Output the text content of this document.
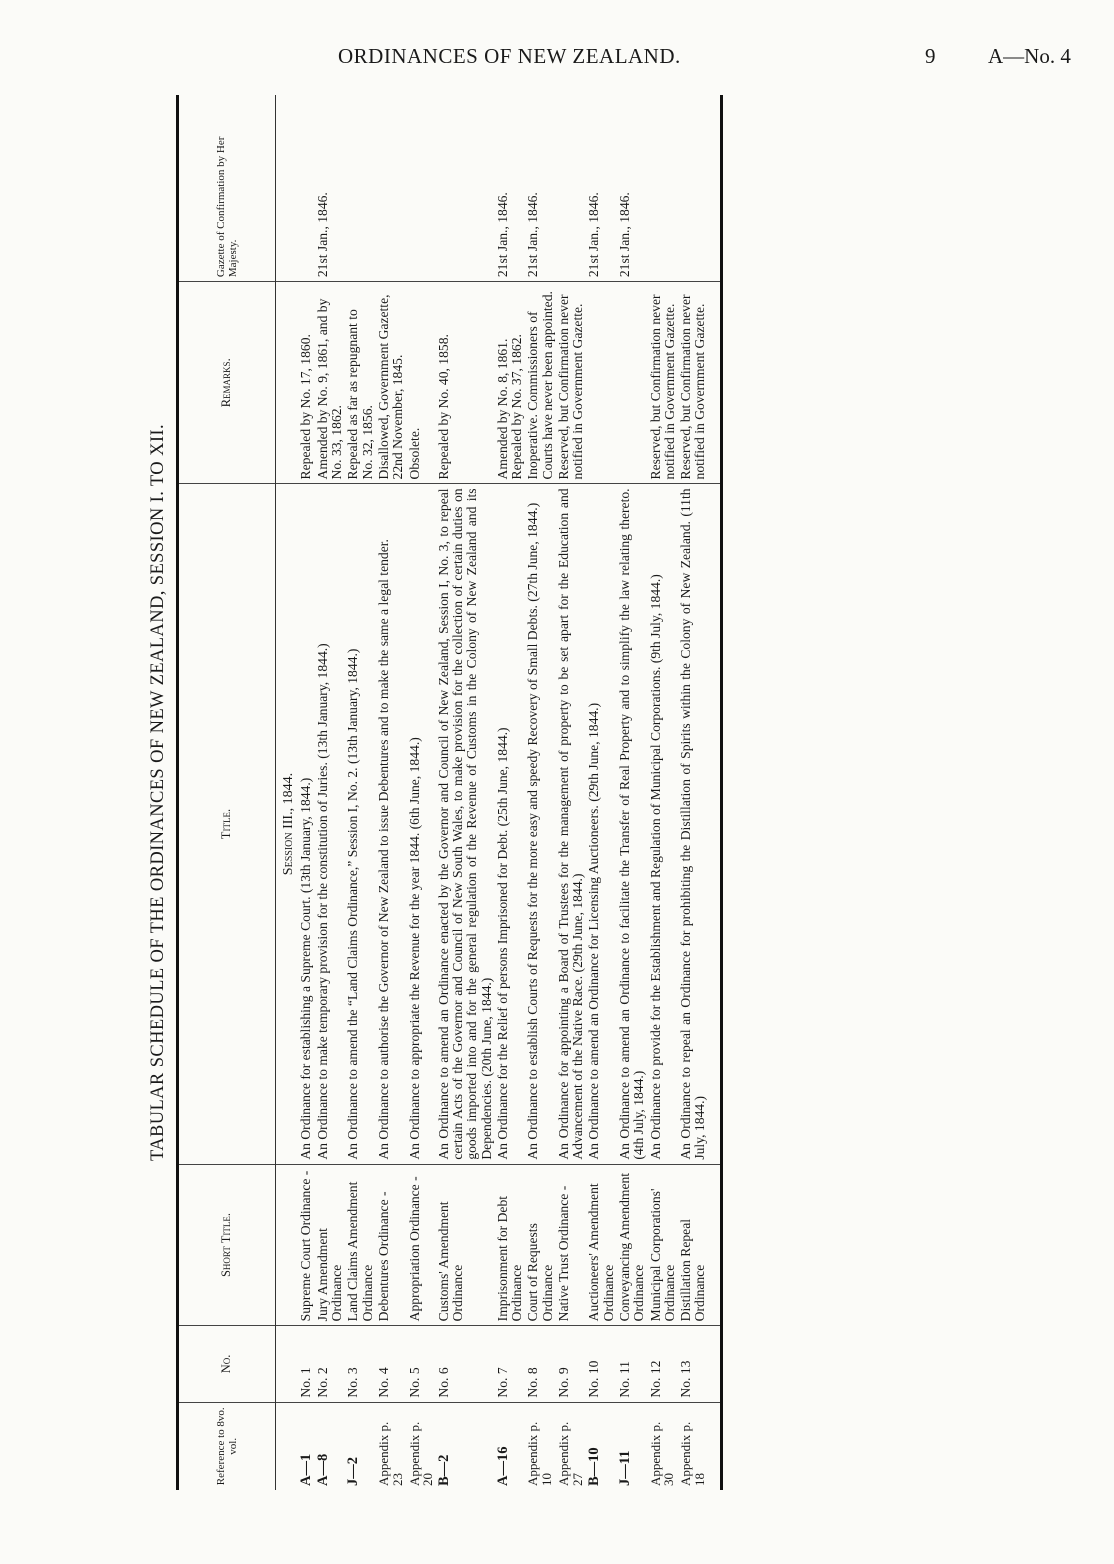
ORDINANCES OF NEW ZEALAND.	9	A—No. 4
TABULAR SCHEDULE OF THE ORDINANCES OF NEW ZEALAND, SESSION I. TO XII.
Reference to 8vo. vol.	No.	Short Title.	Title.	Remarks.	Gazette of Confirmation by Her Majesty.
			Session III., 1844.		
A—1	No. 1	Supreme Court Ordinance -	An Ordinance for establishing a Supreme Court. (13th January, 1844.)	Repealed by No. 17, 1860.	
A—8	No. 2	Jury Amendment Ordinance	An Ordinance to make temporary provision for the constitution of Juries. (13th January, 1844.)	Amended by No. 9, 1861, and by No. 33, 1862.	21st Jan., 1846.
J—2	No. 3	Land Claims Amendment Ordinance	An Ordinance to amend the “Land Claims Ordinance,” Session I, No. 2. (13th January, 1844.)	Repealed as far as repugnant to No. 32, 1856.	
Appendix p. 23	No. 4	Debentures Ordinance -	An Ordinance to authorise the Governor of New Zealand to issue Debentures and to make the same a legal tender.	Disallowed, Government Gazette, 22nd November, 1845.	
Appendix p. 20	No. 5	Appropriation Ordinance -	An Ordinance to appropriate the Revenue for the year 1844. (6th June, 1844.)	Obsolete.	
B—2	No. 6	Customs' Amendment Ordinance	An Ordinance to amend an Ordinance enacted by the Governor and Council of New Zealand, Session I, No. 3, to repeal certain Acts of the Governor and Council of New South Wales, to make provision for the collection of certain duties on goods imported into and for the general regulation of the Revenue of Customs in the Colony of New Zealand and its Dependencies. (20th June, 1844.)	Repealed by No. 40, 1858.	
A—16	No. 7	Imprisonment for Debt Ordinance	An Ordinance for the Relief of persons Imprisoned for Debt. (25th June, 1844.)	Amended by No. 8, 1861. Repealed by No. 37, 1862.	21st Jan., 1846.
Appendix p. 10	No. 8	Court of Requests Ordinance	An Ordinance to establish Courts of Requests for the more easy and speedy Recovery of Small Debts. (27th June, 1844.)	Inoperative. Commissioners of Courts have never been appointed.	21st Jan., 1846.
Appendix p. 27	No. 9	Native Trust Ordinance -	An Ordinance for appointing a Board of Trustees for the management of property to be set apart for the Education and Advancement of the Native Race. (29th June, 1844.)	Reserved, but Confirmation never notified in Government Gazette.	
B—10	No. 10	Auctioneers' Amendment Ordinance	An Ordinance to amend an Ordinance for Licensing Auctioneers. (29th June, 1844.)		21st Jan., 1846.
J—11	No. 11	Conveyancing Amendment Ordinance	An Ordinance to amend an Ordinance to facilitate the Transfer of Real Property and to simplify the law relating thereto. (4th July, 1844.)		21st Jan., 1846.
Appendix p. 30	No. 12	Municipal Corporations' Ordinance	An Ordinance to provide for the Establishment and Regulation of Municipal Corporations. (9th July, 1844.)	Reserved, but Confirmation never notified in Government Gazette.	
Appendix p. 18	No. 13	Distillation Repeal Ordinance	An Ordinance to repeal an Ordinance for prohibiting the Distillation of Spirits within the Colony of New Zealand. (11th July, 1844.)	Reserved, but Confirmation never notified in Government Gazette.	
